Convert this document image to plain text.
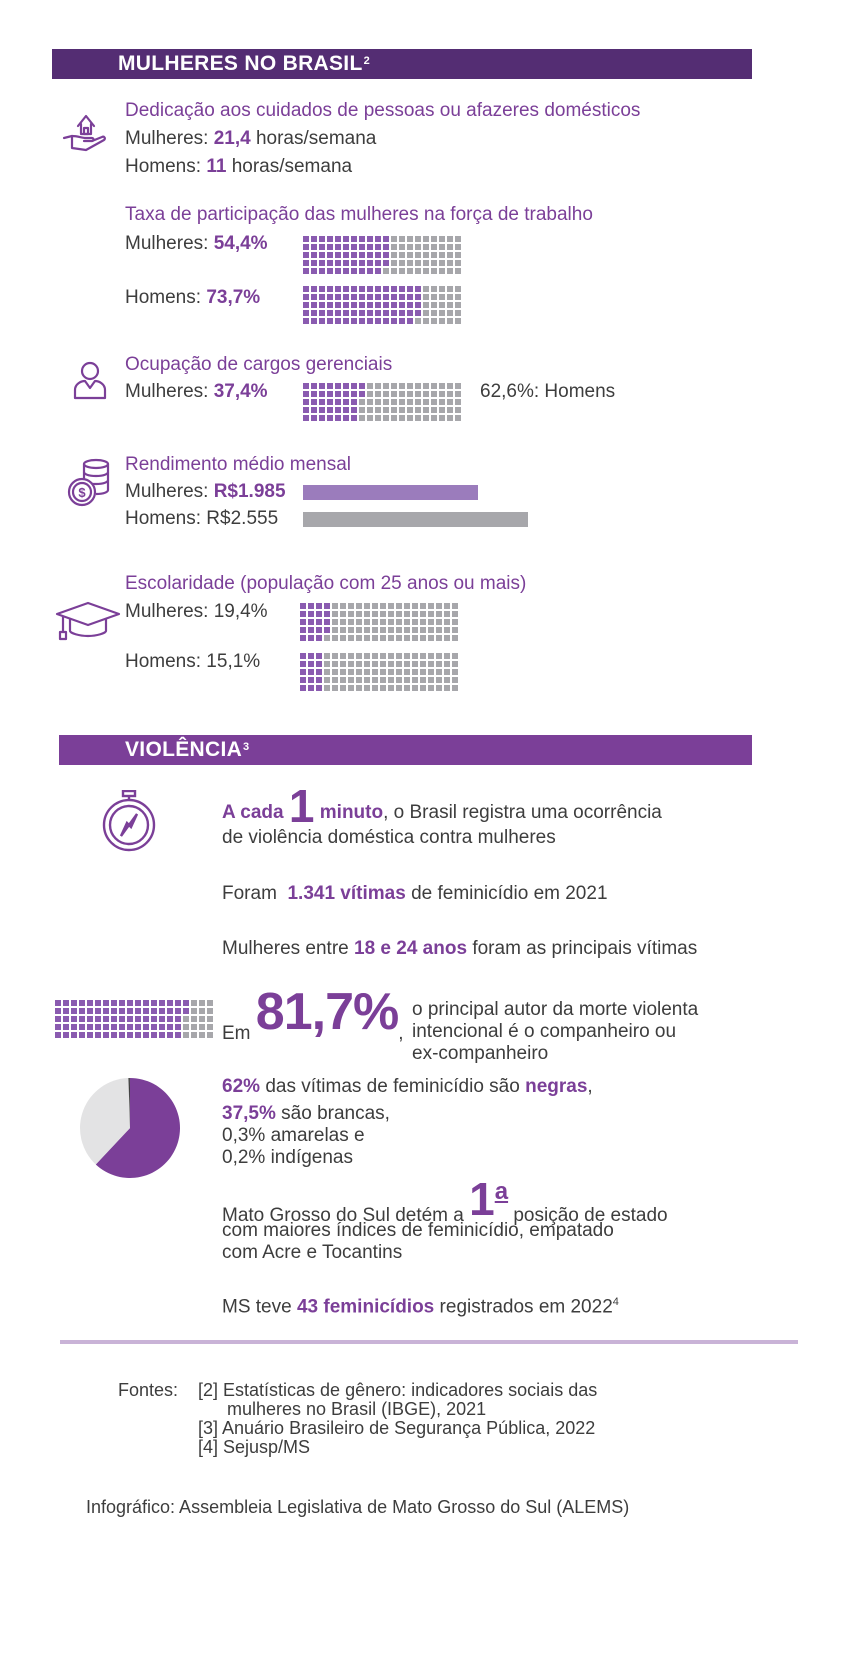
MULHERES NO BRASIL$^2$
Dedicação aos cuidados de pessoas ou afazeres domésticos
Mulheres: 21,4 horas/semana
Homens: 11 horas/semana
Taxa de participação das mulheres na força de trabalho
Mulheres: 54,4%
Homens: 73,7%
Ocupação de cargos gerenciais
Mulheres: 37,4%	62,6%: Homens
$
Rendimento médio mensal
Mulheres: R$1.985
Homens: R$2.555
Escolaridade (população com 25 anos ou mais)
Mulheres: 19,4%
Homens: 15,1%
VIOLÊNCIA$^3$
A cada 1 minuto, o Brasil registra uma ocorrência
de violência doméstica contra mulheres
Foram 1.341 vítimas de feminicídio em 2021
Mulheres entre 18 e 24 anos foram as principais vítimas
Em 81,7%,
o principal autor da morte violenta
intencional é o companheiro ou
ex-companheiro
62% das vítimas de feminicídio são negras,
37,5% são brancas,
0,3% amarelas e
0,2% indígenas
Mato Grosso do Sul detém a 1a posição de estado
com maiores índices de feminicídio, empatado
com Acre e Tocantins
MS teve 43 feminicídios registrados em 2022$^4$
Fontes: [2] Estatísticas de gênero: indicadores sociais das
mulheres no Brasil (IBGE), 2021
[3] Anuário Brasileiro de Segurança Pública, 2022
[4] Sejusp/MS
Infográfico: Assembleia Legislativa de Mato Grosso do Sul (ALEMS)
